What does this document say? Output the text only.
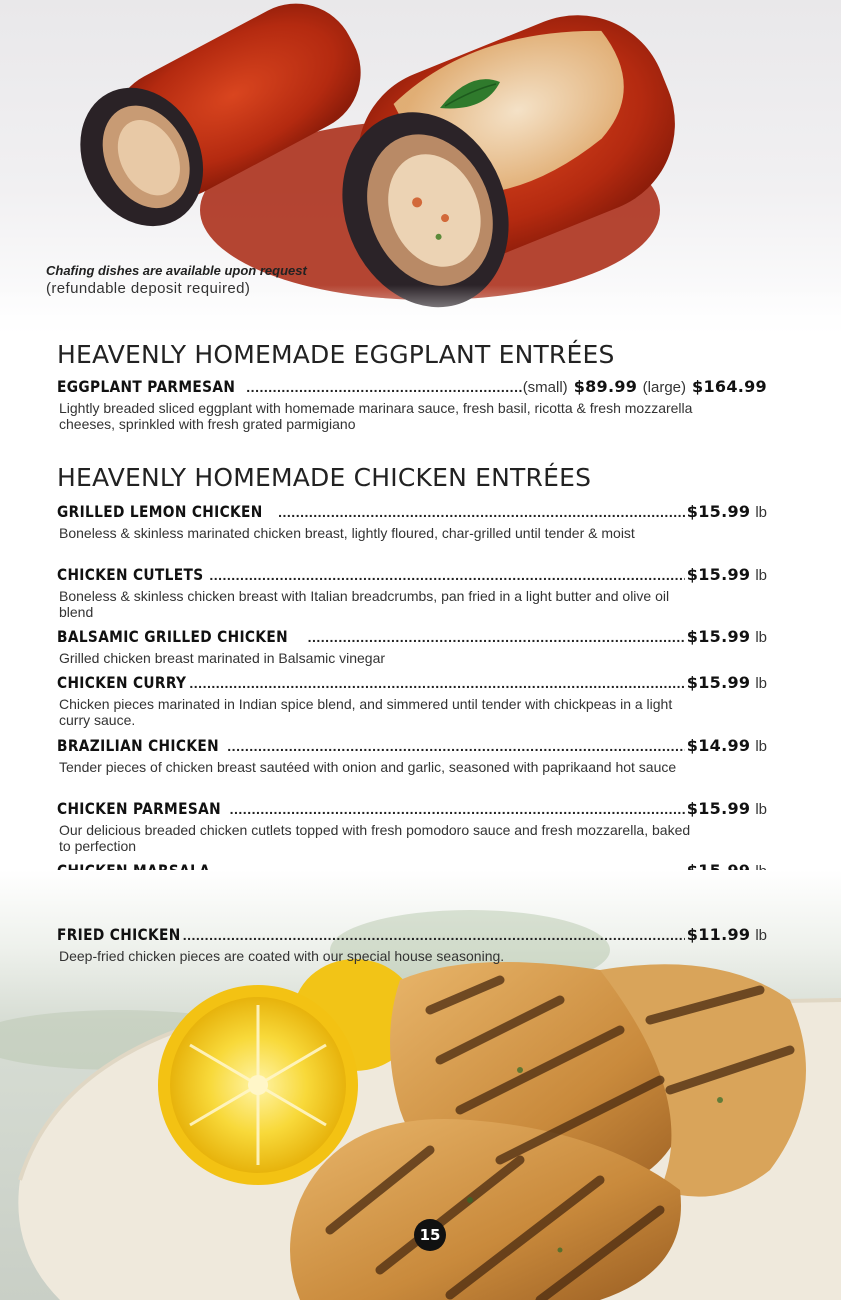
Chafing dishes are available upon request
(refundable deposit required)
HEAVENLY HOMEMADE EGGPLANT ENTRÉES
EGGPLANT PARMESAN .....	(small) $89.99 (large) $164.99
Lightly breaded sliced eggplant with homemade marinara sauce, fresh basil, ricotta & fresh mozzarella cheeses, sprinkled with fresh grated parmigiano
HEAVENLY HOMEMADE CHICKEN ENTRÉES
GRILLED LEMON CHICKEN .....	$15.99 lb
Boneless & skinless marinated chicken breast, lightly floured, char-grilled until tender & moist
CHICKEN CUTLETS .....	$15.99 lb
Boneless & skinless chicken breast with Italian breadcrumbs, pan fried in a light butter and olive oil blend
BALSAMIC GRILLED CHICKEN .....	$15.99 lb
Grilled chicken breast marinated in Balsamic vinegar
CHICKEN CURRY .....	$15.99 lb
Chicken pieces marinated in Indian spice blend, and simmered until tender with chickpeas in a light curry sauce.
BRAZILIAN CHICKEN .....	$14.99 lb
Tender pieces of chicken breast sautéed with onion and garlic, seasoned with paprikaand hot sauce
CHICKEN PARMESAN .....	$15.99 lb
Our delicious breaded chicken cutlets topped with fresh pomodoro sauce and fresh mozzarella, baked to perfection
.....
FRIED CHICKEN .....	$11.99 lb
Deep-fried chicken pieces are coated with our special house seasoning.
15
